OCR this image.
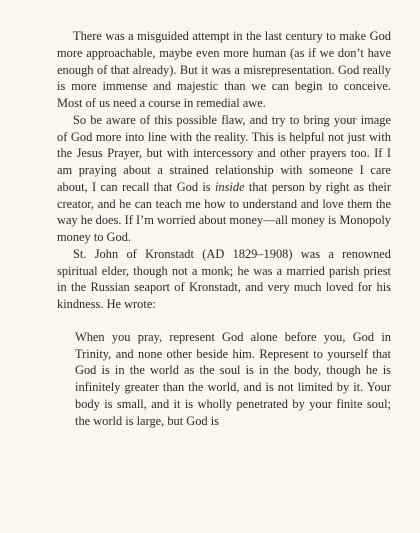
There was a misguided attempt in the last century to make God more approachable, maybe even more human (as if we don’t have enough of that already). But it was a misrepresentation. God really is more immense and majestic than we can begin to conceive. Most of us need a course in remedial awe.

So be aware of this possible flaw, and try to bring your image of God more into line with the reality. This is helpful not just with the Jesus Prayer, but with intercessory and other prayers too. If I am praying about a strained relationship with someone I care about, I can recall that God is inside that person by right as their creator, and he can teach me how to understand and love them the way he does. If I’m worried about money—all money is Monopoly money to God.

St. John of Kronstadt (AD 1829–1908) was a renowned spiritual elder, though not a monk; he was a married parish priest in the Russian seaport of Kronstadt, and very much loved for his kindness. He wrote:

When you pray, represent God alone before you, God in Trinity, and none other beside him. Represent to yourself that God is in the world as the soul is in the body, though he is infinitely greater than the world, and is not limited by it. Your body is small, and it is wholly penetrated by your finite soul; the world is large, but God is
